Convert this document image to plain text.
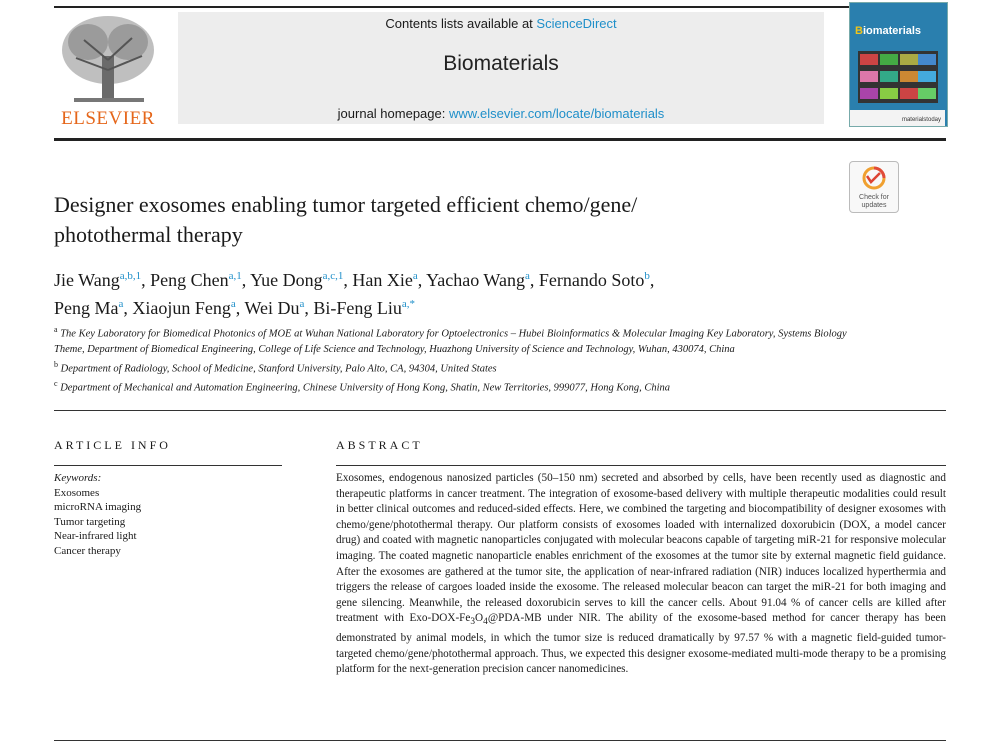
ELSEVIER
Contents lists available at ScienceDirect
Biomaterials
journal homepage: www.elsevier.com/locate/biomaterials
Biomaterials
materialstoday
Check for
updates
Designer exosomes enabling tumor targeted efficient chemo/gene/
photothermal therapy
Jie Wang$^{a,b,1}$, Peng Chen$^{a,1}$, Yue Dong$^{a,c,1}$, Han Xie$^a$, Yachao Wang$^a$, Fernando Soto$^b$,
Peng Ma$^a$, Xiaojun Feng$^a$, Wei Du$^a$, Bi-Feng Liu$^{a,*}$

$^a$ The Key Laboratory for Biomedical Photonics of MOE at Wuhan National Laboratory for Optoelectronics – Hubei Bioinformatics & Molecular Imaging Key Laboratory, Systems Biology Theme, Department of Biomedical Engineering, College of Life Science and Technology, Huazhong University of Science and Technology, Wuhan, 430074, China

$^b$ Department of Radiology, School of Medicine, Stanford University, Palo Alto, CA, 94304, United States

$^c$ Department of Mechanical and Automation Engineering, Chinese University of Hong Kong, Shatin, New Territories, 999077, Hong Kong, China

ARTICLE INFO
Keywords:
Exosomes
microRNA imaging
Tumor targeting
Near-infrared light
Cancer therapy
ABSTRACT

Exosomes, endogenous nanosized particles (50–150 nm) secreted and absorbed by cells, have been recently used as diagnostic and therapeutic platforms in cancer treatment. The integration of exosome-based delivery with multiple therapeutic modalities could result in better clinical outcomes and reduced-sided effects. Here, we combined the targeting and biocompatibility of designer exosomes with chemo/gene/photothermal therapy. Our platform consists of exosomes loaded with internalized doxorubicin (DOX, a model cancer drug) and coated with magnetic nanoparticles conjugated with molecular beacons capable of targeting miR-21 for responsive molecular imaging. The coated magnetic nanoparticle enables enrichment of the exosomes at the tumor site by external magnetic field guidance. After the exosomes are gathered at the tumor site, the application of near-infrared radiation (NIR) induces localized hyperthermia and triggers the release of cargoes loaded inside the exosome. The released molecular beacon can target the miR-21 for both imaging and gene silencing. Meanwhile, the released doxorubicin serves to kill the cancer cells. About 91.04 % of cancer cells are killed after treatment with Exo-$DOX-Fe_3O_4@PDA-MB$ under NIR. The ability of the exosome-based method for cancer therapy has been demonstrated by animal models, in which the tumor size is reduced dramatically by 97.57 % with a magnetic field-guided tumor-targeted chemo/gene/photothermal approach. Thus, we expected this designer exosome-mediated multi-mode therapy to be a promising platform for the next-generation precision cancer nanomedicines.
